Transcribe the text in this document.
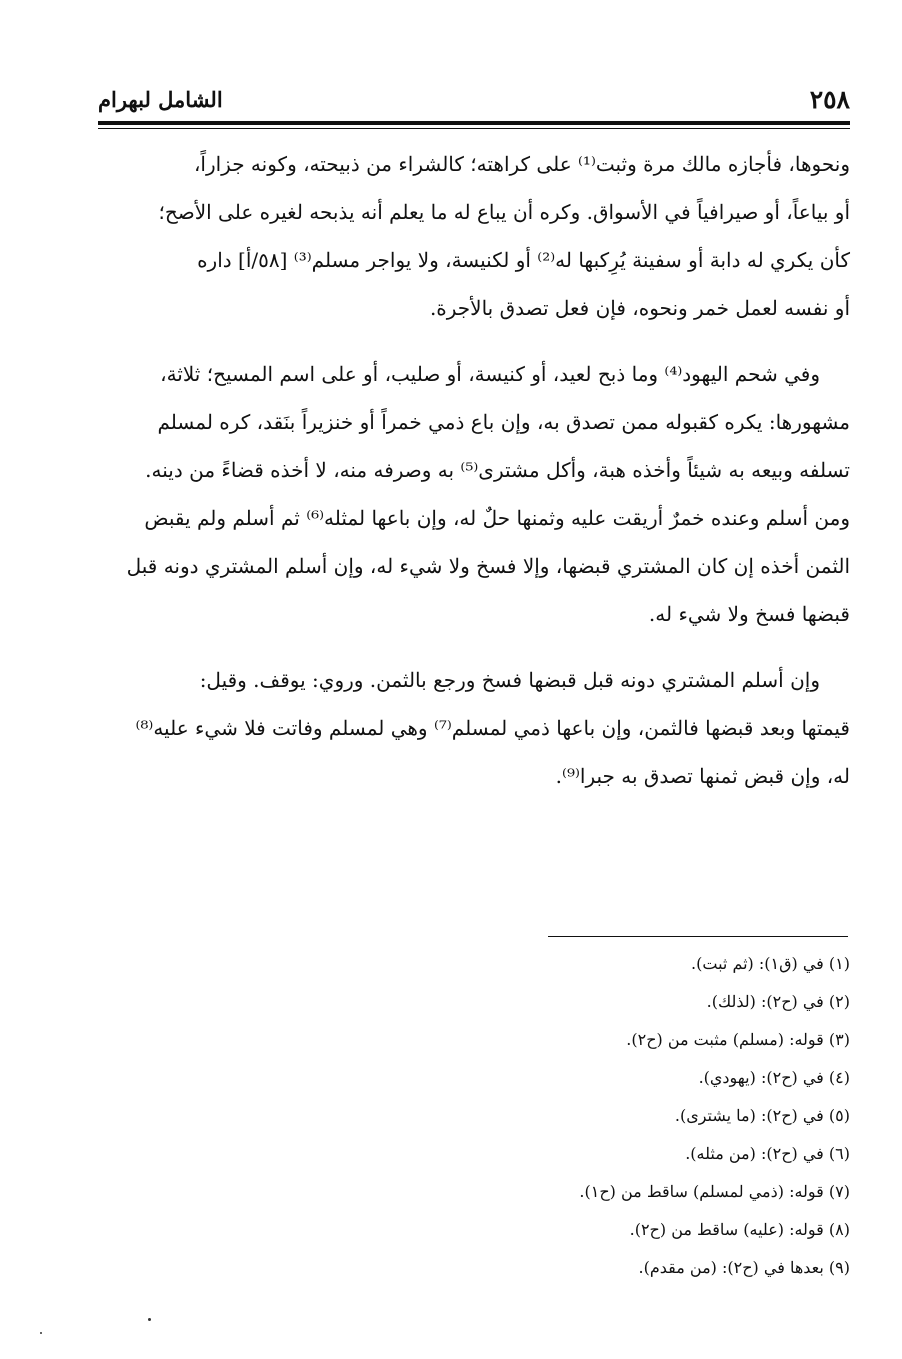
٢٥٨
الشامل لبهرام

ونحوها، فأجازه مالك مرة وثبت⁽¹⁾ على كراهته؛ كالشراء من ذبيحته، وكونه جزاراً،

أو بياعاً، أو صيرافياً في الأسواق. وكره أن يباع له ما يعلم أنه يذبحه لغيره على الأصح؛

كأن يكري له دابة أو سفينة يُرِكبها له⁽²⁾ أو لكنيسة، ولا يواجر مسلم⁽³⁾ [٥٨/أ] داره

أو نفسه لعمل خمر ونحوه، فإن فعل تصدق بالأجرة.

وفي شحم اليهود⁽⁴⁾ وما ذبح لعيد، أو كنيسة، أو صليب، أو على اسم المسيح؛ ثلاثة،

مشهورها: يكره كقبوله ممن تصدق به، وإن باع ذمي خمراً أو خنزيراً بنَقد، كره لمسلم

تسلفه وبيعه به شيئاً وأخذه هبة، وأكل مشترى⁽⁵⁾ به وصرفه منه، لا أخذه قضاءً من دينه.

ومن أسلم وعنده خمرٌ أريقت عليه وثمنها حلٌ له، وإن باعها لمثله⁽⁶⁾ ثم أسلم ولم يقبض

الثمن أخذه إن كان المشتري قبضها، وإلا فسخ ولا شيء له، وإن أسلم المشتري دونه قبل

قبضها فسخ ولا شيء له.

وإن أسلم المشتري دونه قبل قبضها فسخ ورجع بالثمن. وروي: يوقف. وقيل:

قيمتها وبعد قبضها فالثمن، وإن باعها ذمي لمسلم⁽⁷⁾ وهي لمسلم وفاتت فلا شيء عليه⁽⁸⁾

له، وإن قبض ثمنها تصدق به جبرا⁽⁹⁾.

(١) في (ق١): (ثم ثبت).
(٢) في (ح٢): (لذلك).
(٣) قوله: (مسلم) مثبت من (ح٢).
(٤) في (ح٢): (يهودي).
(٥) في (ح٢): (ما يشترى).
(٦) في (ح٢): (من مثله).
(٧) قوله: (ذمي لمسلم) ساقط من (ح١).
(٨) قوله: (عليه) ساقط من (ح٢).
(٩) بعدها في (ح٢): (من مقدم).
